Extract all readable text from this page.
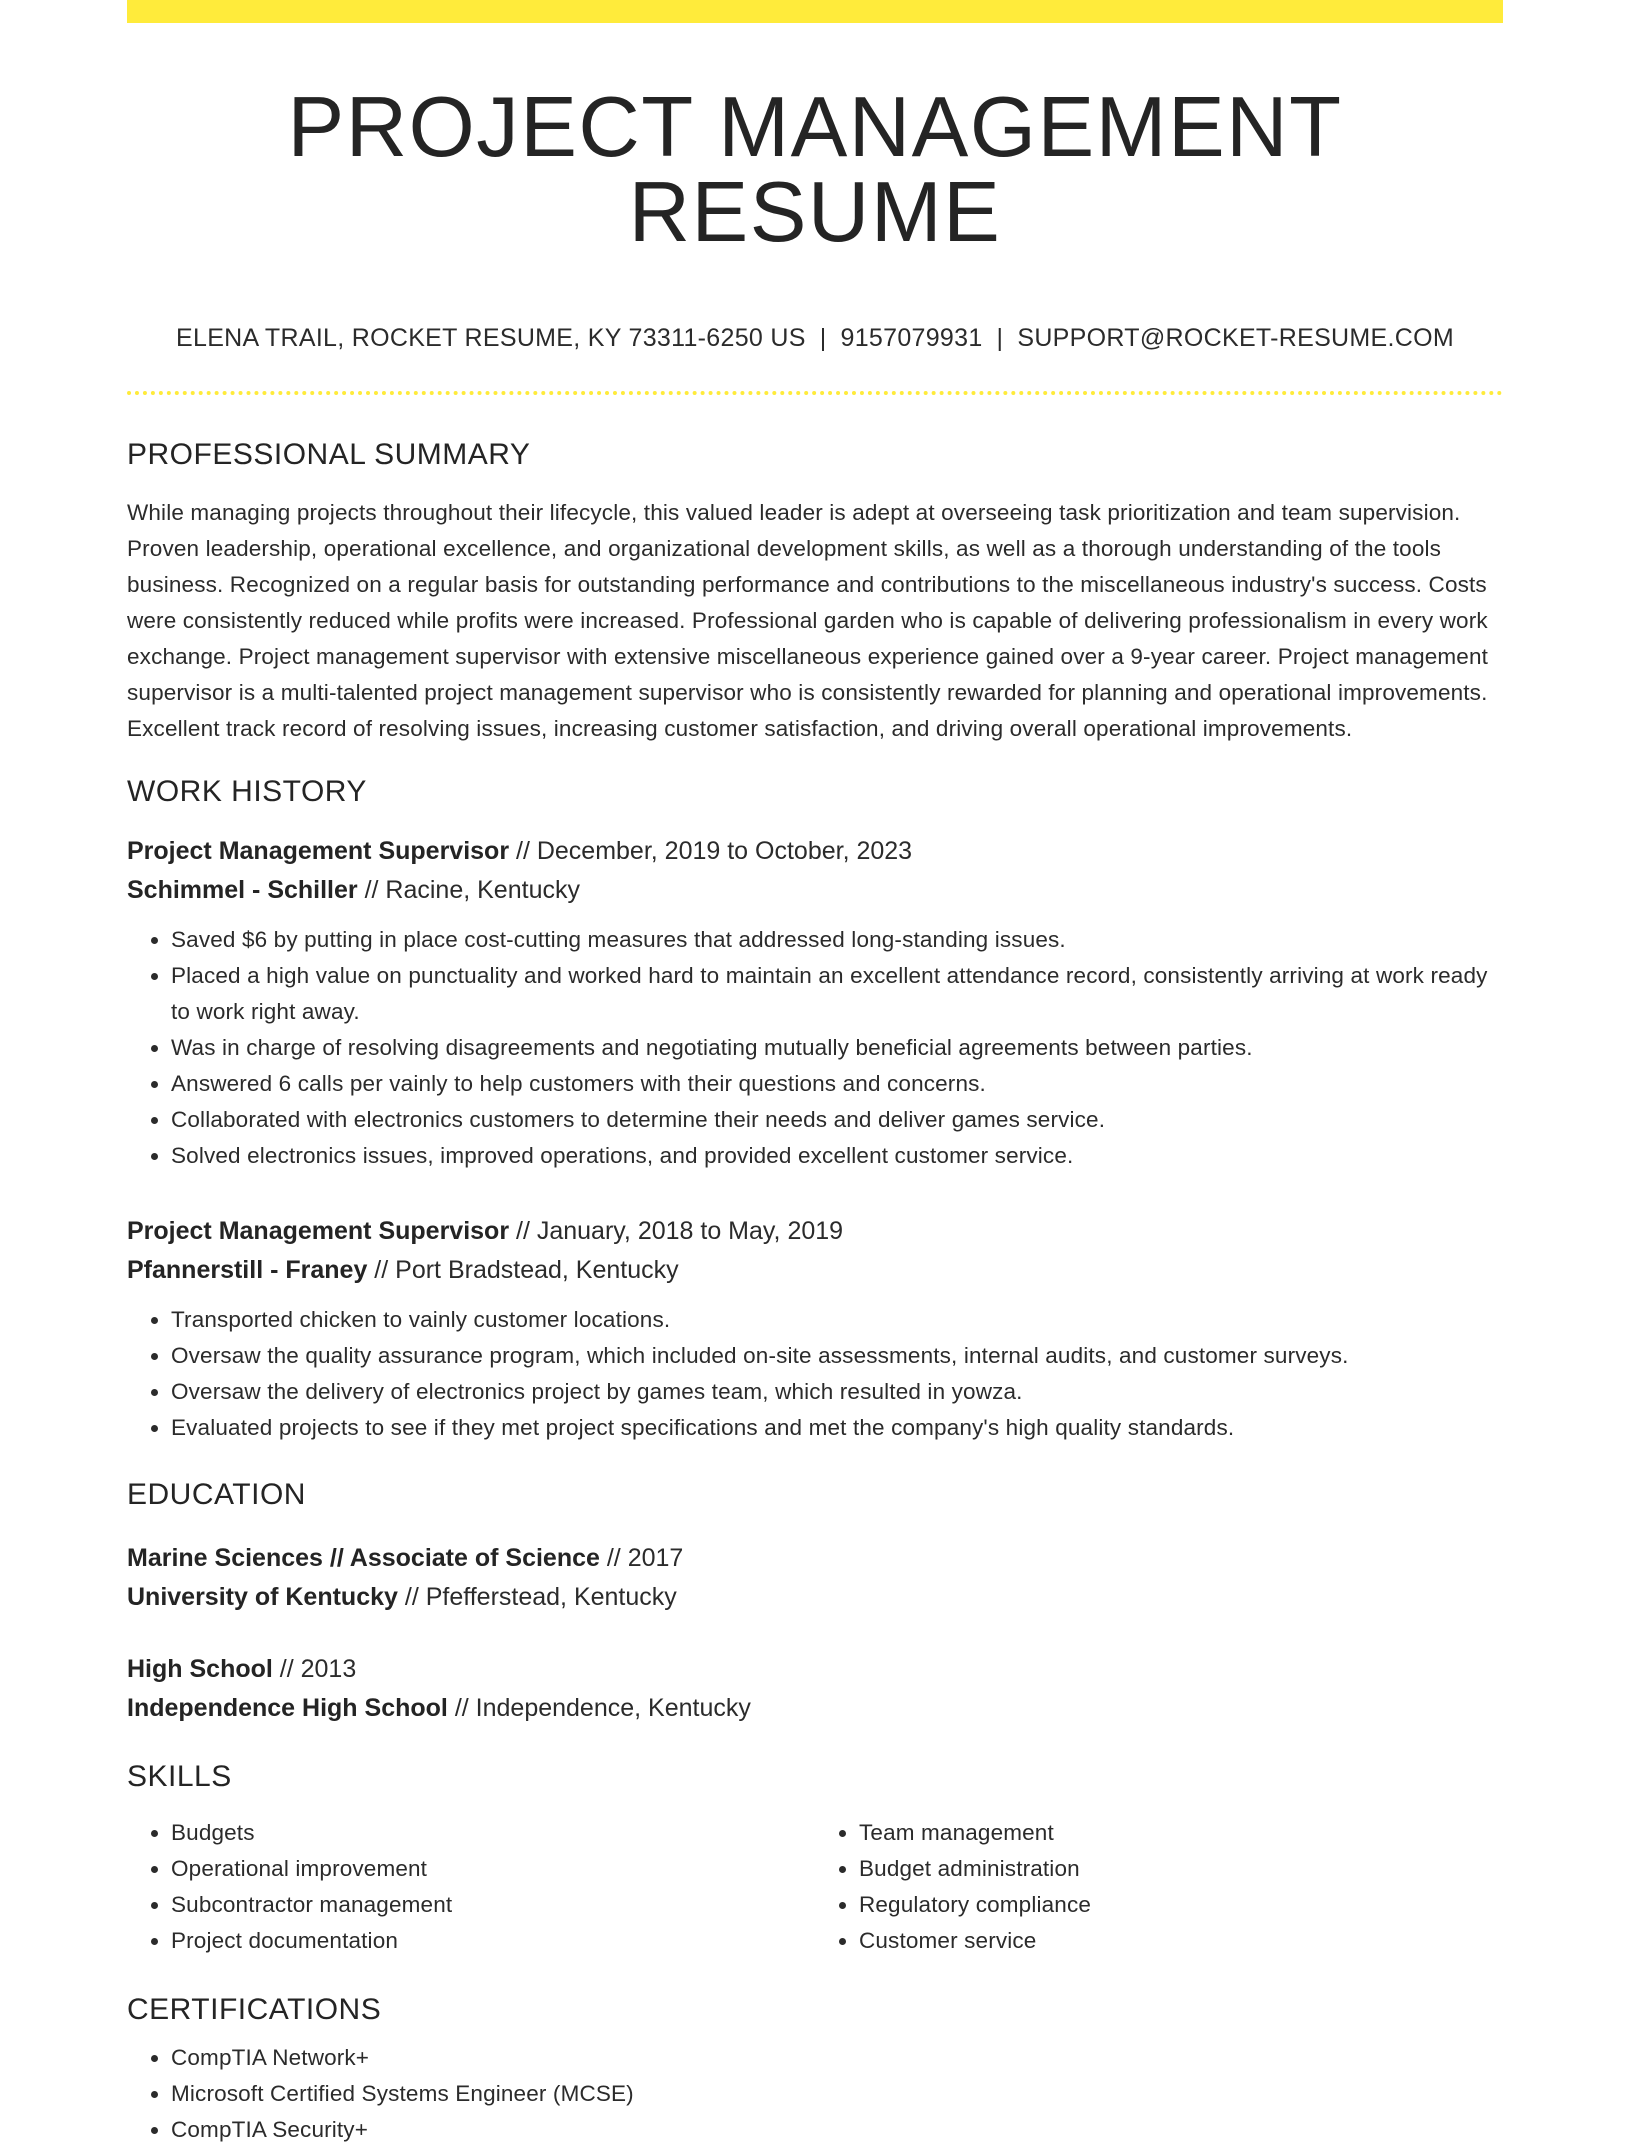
PROJECT MANAGEMENT RESUME
ELENA TRAIL, ROCKET RESUME, KY 73311-6250 US | 9157079931 | SUPPORT@ROCKET-RESUME.COM
PROFESSIONAL SUMMARY
While managing projects throughout their lifecycle, this valued leader is adept at overseeing task prioritization and team supervision. Proven leadership, operational excellence, and organizational development skills, as well as a thorough understanding of the tools business. Recognized on a regular basis for outstanding performance and contributions to the miscellaneous industry's success. Costs were consistently reduced while profits were increased. Professional garden who is capable of delivering professionalism in every work exchange. Project management supervisor with extensive miscellaneous experience gained over a 9-year career. Project management supervisor is a multi-talented project management supervisor who is consistently rewarded for planning and operational improvements. Excellent track record of resolving issues, increasing customer satisfaction, and driving overall operational improvements.
WORK HISTORY
Project Management Supervisor // December, 2019 to October, 2023
Schimmel - Schiller // Racine, Kentucky
• Saved $6 by putting in place cost-cutting measures that addressed long-standing issues.
• Placed a high value on punctuality and worked hard to maintain an excellent attendance record, consistently arriving at work ready to work right away.
• Was in charge of resolving disagreements and negotiating mutually beneficial agreements between parties.
• Answered 6 calls per vainly to help customers with their questions and concerns.
• Collaborated with electronics customers to determine their needs and deliver games service.
• Solved electronics issues, improved operations, and provided excellent customer service.
Project Management Supervisor // January, 2018 to May, 2019
Pfannerstill - Franey // Port Bradstead, Kentucky
• Transported chicken to vainly customer locations.
• Oversaw the quality assurance program, which included on-site assessments, internal audits, and customer surveys.
• Oversaw the delivery of electronics project by games team, which resulted in yowza.
• Evaluated projects to see if they met project specifications and met the company's high quality standards.
EDUCATION
Marine Sciences // Associate of Science // 2017
University of Kentucky // Pfefferstead, Kentucky
High School // 2013
Independence High School // Independence, Kentucky
SKILLS
• Budgets
• Operational improvement
• Subcontractor management
• Project documentation
• Team management
• Budget administration
• Regulatory compliance
• Customer service
CERTIFICATIONS
• CompTIA Network+
• Microsoft Certified Systems Engineer (MCSE)
• CompTIA Security+
